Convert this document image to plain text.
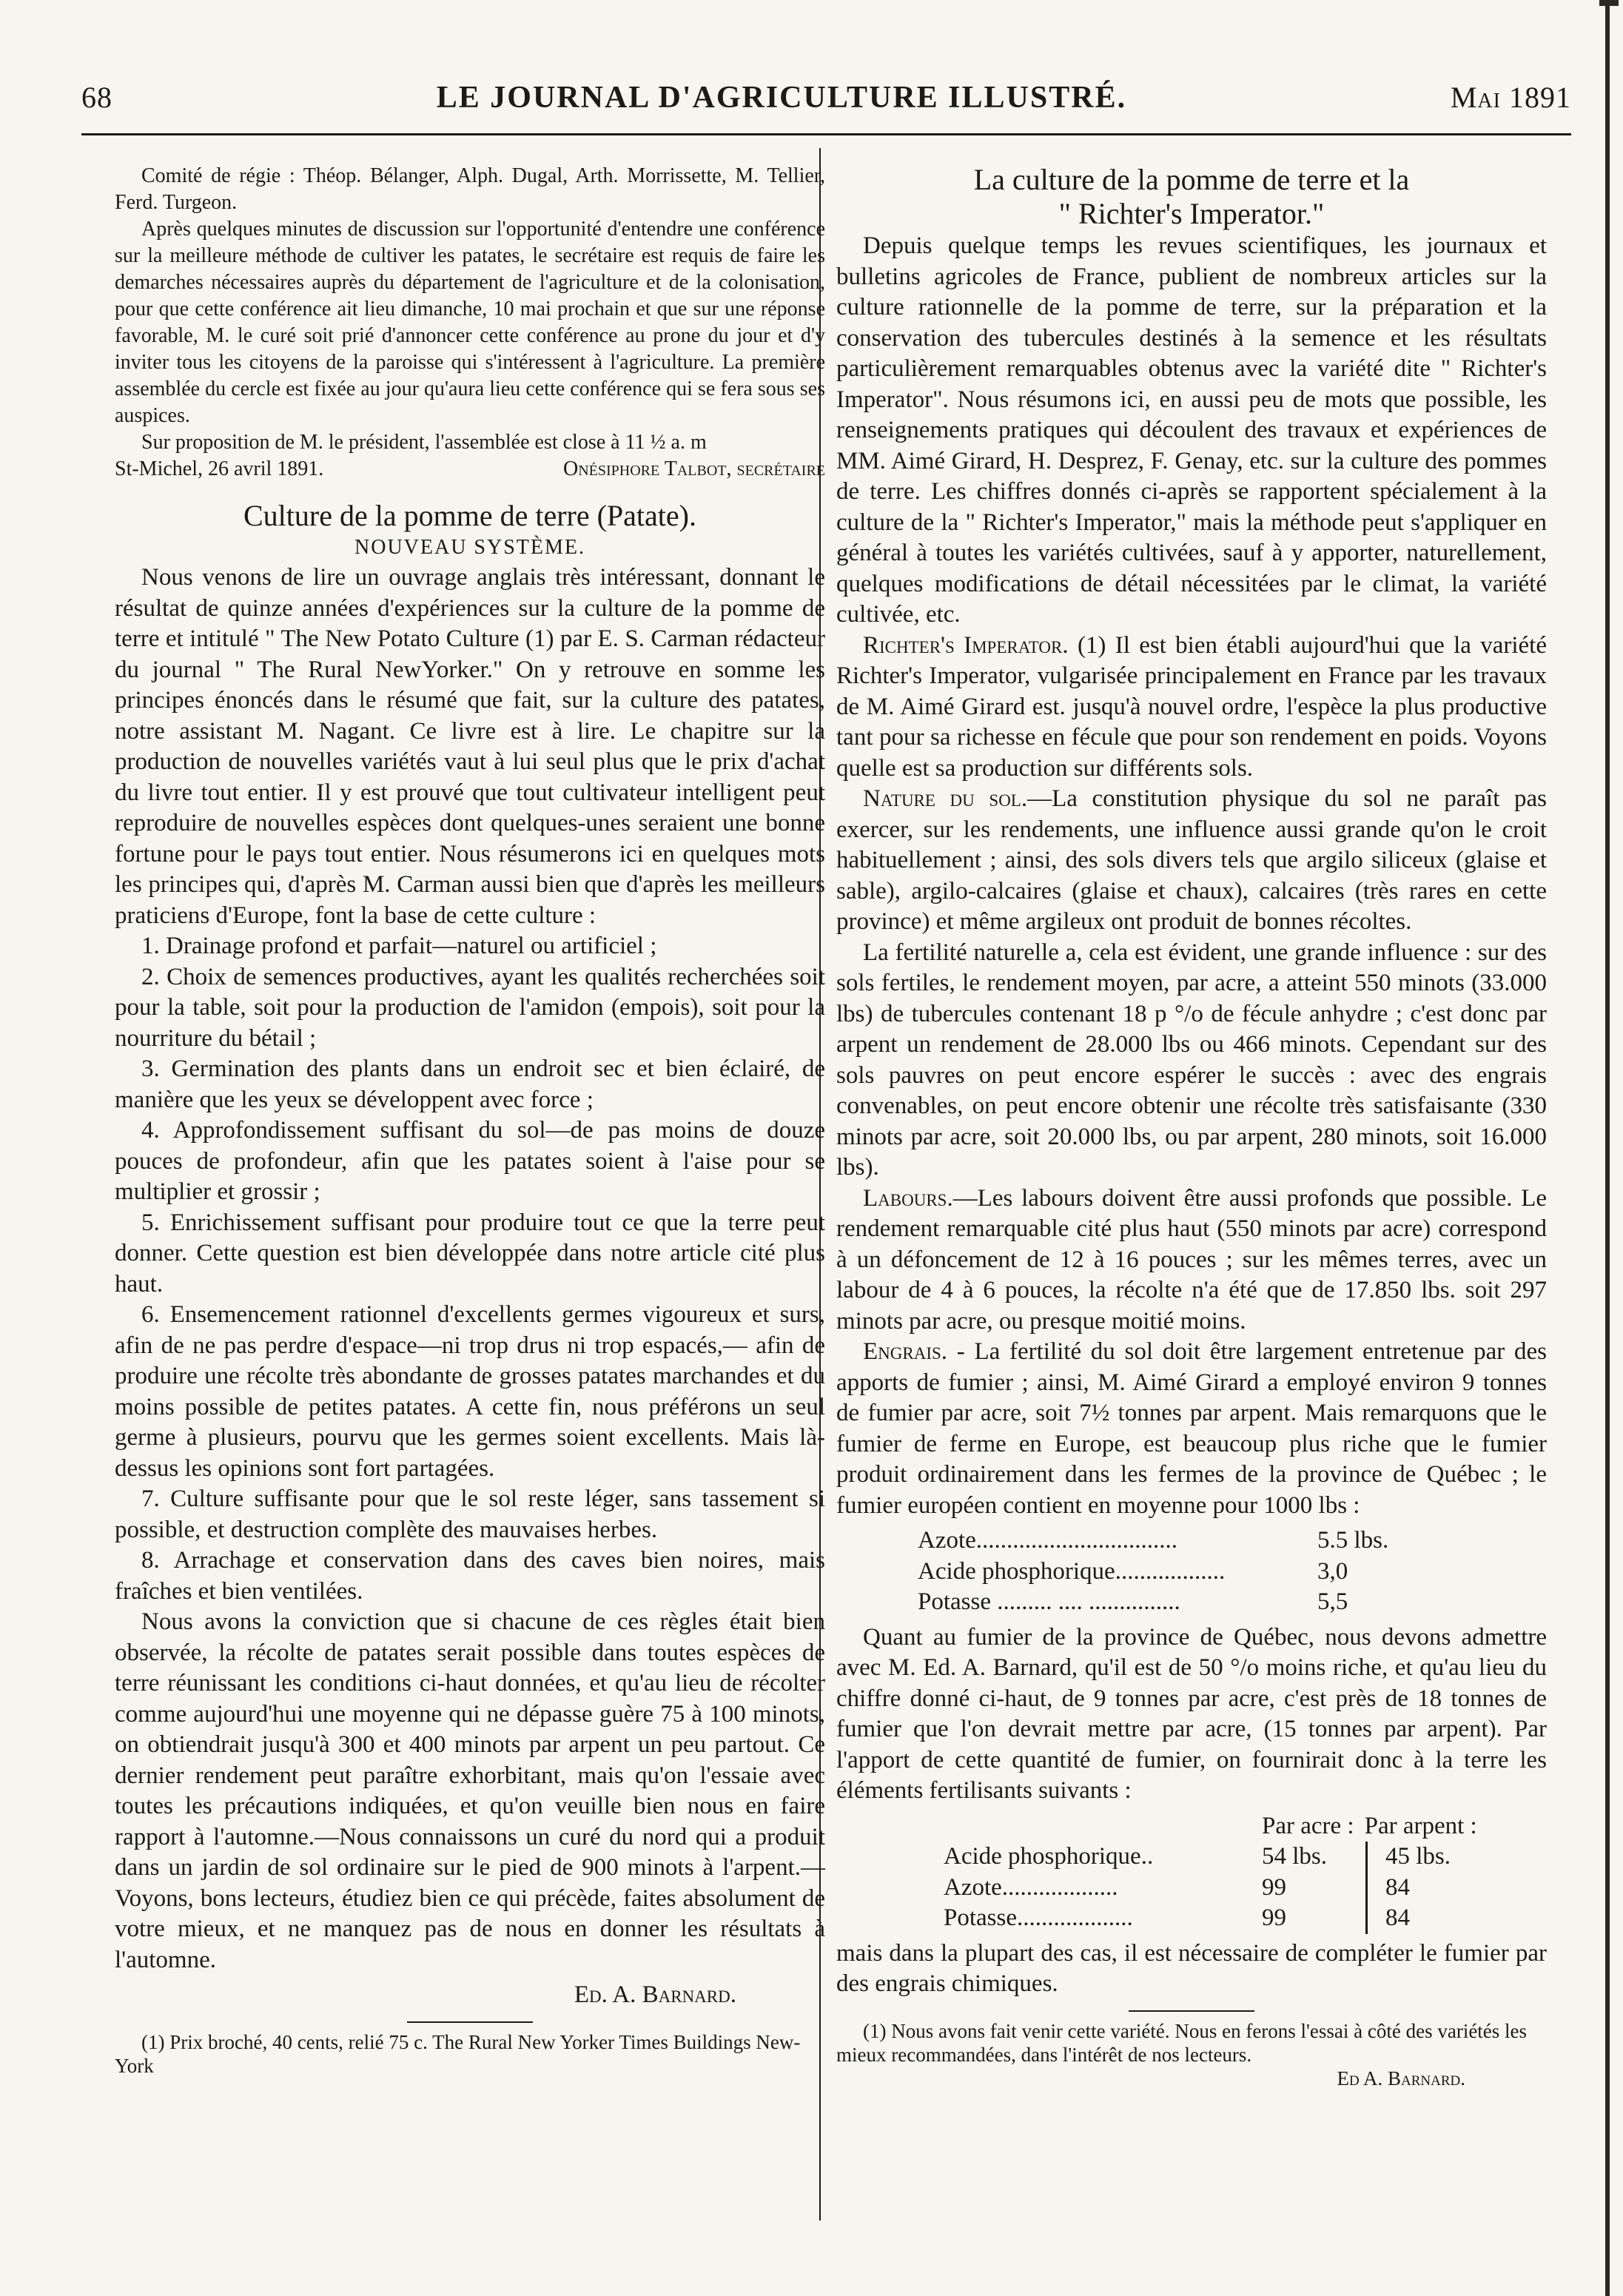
68	LE JOURNAL D'AGRICULTURE ILLUSTRÉ.	Mai 1891

Comité de régie : Théop. Bélanger, Alph. Dugal, Arth. Morrissette, M. Tellier, Ferd. Turgeon.

Après quelques minutes de discussion sur l'opportunité d'entendre une conférence sur la meilleure méthode de cultiver les patates, le secrétaire est requis de faire les demarches nécessaires auprès du département de l'agriculture et de la colonisation, pour que cette conférence ait lieu dimanche, 10 mai prochain et que sur une réponse favorable, M. le curé soit prié d'annoncer cette conférence au prone du jour et d'y inviter tous les citoyens de la paroisse qui s'intéressent à l'agriculture. La première assemblée du cercle est fixée au jour qu'aura lieu cette conférence qui se fera sous ses auspices.

Sur proposition de M. le président, l'assemblée est close à 11 ½ a. m

St-Michel, 26 avril 1891.	Onésiphore Talbot, secrétaire
Culture de la pomme de terre (Patate).
NOUVEAU SYSTÈME.

Nous venons de lire un ouvrage anglais très intéressant, donnant le résultat de quinze années d'expériences sur la culture de la pomme de terre et intitulé " The New Potato Culture (1) par E. S. Carman rédacteur du journal " The Rural NewYorker." On y retrouve en somme les principes énoncés dans le résumé que fait, sur la culture des patates, notre assistant M. Nagant. Ce livre est à lire. Le chapitre sur la production de nouvelles variétés vaut à lui seul plus que le prix d'achat du livre tout entier. Il y est prouvé que tout cultivateur intelligent peut reproduire de nouvelles espèces dont quelques-unes seraient une bonne fortune pour le pays tout entier. Nous résumerons ici en quelques mots les principes qui, d'après M. Carman aussi bien que d'après les meilleurs praticiens d'Europe, font la base de cette culture :

1. Drainage profond et parfait—naturel ou artificiel ;

2. Choix de semences productives, ayant les qualités recherchées soit pour la table, soit pour la production de l'amidon (empois), soit pour la nourriture du bétail ;

3. Germination des plants dans un endroit sec et bien éclairé, de manière que les yeux se développent avec force ;

4. Approfondissement suffisant du sol—de pas moins de douze pouces de profondeur, afin que les patates soient à l'aise pour se multiplier et grossir ;

5. Enrichissement suffisant pour produire tout ce que la terre peut donner. Cette question est bien développée dans notre article cité plus haut.

6. Ensemencement rationnel d'excellents germes vigoureux et surs, afin de ne pas perdre d'espace—ni trop drus ni trop espacés,— afin de produire une récolte très abondante de grosses patates marchandes et du moins possible de petites patates. A cette fin, nous préférons un seul germe à plusieurs, pourvu que les germes soient excellents. Mais là-dessus les opinions sont fort partagées.

7. Culture suffisante pour que le sol reste léger, sans tassement si possible, et destruction complète des mauvaises herbes.

8. Arrachage et conservation dans des caves bien noires, mais fraîches et bien ventilées.

Nous avons la conviction que si chacune de ces règles était bien observée, la récolte de patates serait possible dans toutes espèces de terre réunissant les conditions ci-haut données, et qu'au lieu de récolter comme aujourd'hui une moyenne qui ne dépasse guère 75 à 100 minots, on obtiendrait jusqu'à 300 et 400 minots par arpent un peu partout. Ce dernier rendement peut paraître exhorbitant, mais qu'on l'essaie avec toutes les précautions indiquées, et qu'on veuille bien nous en faire rapport à l'automne.—Nous connaissons un curé du nord qui a produit dans un jardin de sol ordinaire sur le pied de 900 minots à l'arpent.—Voyons, bons lecteurs, étudiez bien ce qui précède, faites absolument de votre mieux, et ne manquez pas de nous en donner les résultats à l'automne.

Ed. A. Barnard.

(1) Prix broché, 40 cents, relié 75 c. The Rural New Yorker Times Buildings New-York

La culture de la pomme de terre et la
" Richter's Imperator."

Depuis quelque temps les revues scientifiques, les journaux et bulletins agricoles de France, publient de nombreux articles sur la culture rationnelle de la pomme de terre, sur la préparation et la conservation des tubercules destinés à la semence et les résultats particulièrement remarquables obtenus avec la variété dite " Richter's Imperator". Nous résumons ici, en aussi peu de mots que possible, les renseignements pratiques qui découlent des travaux et expériences de MM. Aimé Girard, H. Desprez, F. Genay, etc. sur la culture des pommes de terre. Les chiffres donnés ci-après se rapportent spécialement à la culture de la " Richter's Imperator," mais la méthode peut s'appliquer en général à toutes les variétés cultivées, sauf à y apporter, naturellement, quelques modifications de détail nécessitées par le climat, la variété cultivée, etc.

Richter's Imperator. (1) Il est bien établi aujourd'hui que la variété Richter's Imperator, vulgarisée principalement en France par les travaux de M. Aimé Girard est. jusqu'à nouvel ordre, l'espèce la plus productive tant pour sa richesse en fécule que pour son rendement en poids. Voyons quelle est sa production sur différents sols.

Nature du sol.—La constitution physique du sol ne paraît pas exercer, sur les rendements, une influence aussi grande qu'on le croit habituellement ; ainsi, des sols divers tels que argilo siliceux (glaise et sable), argilo-calcaires (glaise et chaux), calcaires (très rares en cette province) et même argileux ont produit de bonnes récoltes.

La fertilité naturelle a, cela est évident, une grande influence : sur des sols fertiles, le rendement moyen, par acre, a atteint 550 minots (33.000 lbs) de tubercules contenant 18 p °/o de fécule anhydre ; c'est donc par arpent un rendement de 28.000 lbs ou 466 minots. Cependant sur des sols pauvres on peut encore espérer le succès : avec des engrais convenables, on peut encore obtenir une récolte très satisfaisante (330 minots par acre, soit 20.000 lbs, ou par arpent, 280 minots, soit 16.000 lbs).

Labours.—Les labours doivent être aussi profonds que possible. Le rendement remarquable cité plus haut (550 minots par acre) correspond à un défoncement de 12 à 16 pouces ; sur les mêmes terres, avec un labour de 4 à 6 pouces, la récolte n'a été que de 17.850 lbs. soit 297 minots par acre, ou presque moitié moins.

Engrais. - La fertilité du sol doit être largement entretenue par des apports de fumier ; ainsi, M. Aimé Girard a employé environ 9 tonnes de fumier par acre, soit 7½ tonnes par arpent. Mais remarquons que le fumier de ferme en Europe, est beaucoup plus riche que le fumier produit ordinairement dans les fermes de la province de Québec ; le fumier européen contient en moyenne pour 1000 lbs :

Azote.................................	5.5 lbs.
Acide phosphorique..................	3,0
Potasse ......... .... ...............	5,5

Quant au fumier de la province de Québec, nous devons admettre avec M. Ed. A. Barnard, qu'il est de 50 °/o moins riche, et qu'au lieu du chiffre donné ci-haut, de 9 tonnes par acre, c'est près de 18 tonnes de fumier que l'on devrait mettre par acre, (15 tonnes par arpent). Par l'apport de cette quantité de fumier, on fournirait donc à la terre les éléments fertilisants suivants :

Par acre : Par arpent :
Acide phosphorique..	54 lbs.	45 lbs.
Azote...................	99	84
Potasse...................	99	84

mais dans la plupart des cas, il est nécessaire de compléter le fumier par des engrais chimiques.

(1) Nous avons fait venir cette variété. Nous en ferons l'essai à côté des variétés les mieux recommandées, dans l'intérêt de nos lecteurs.

Ed A. Barnard.
